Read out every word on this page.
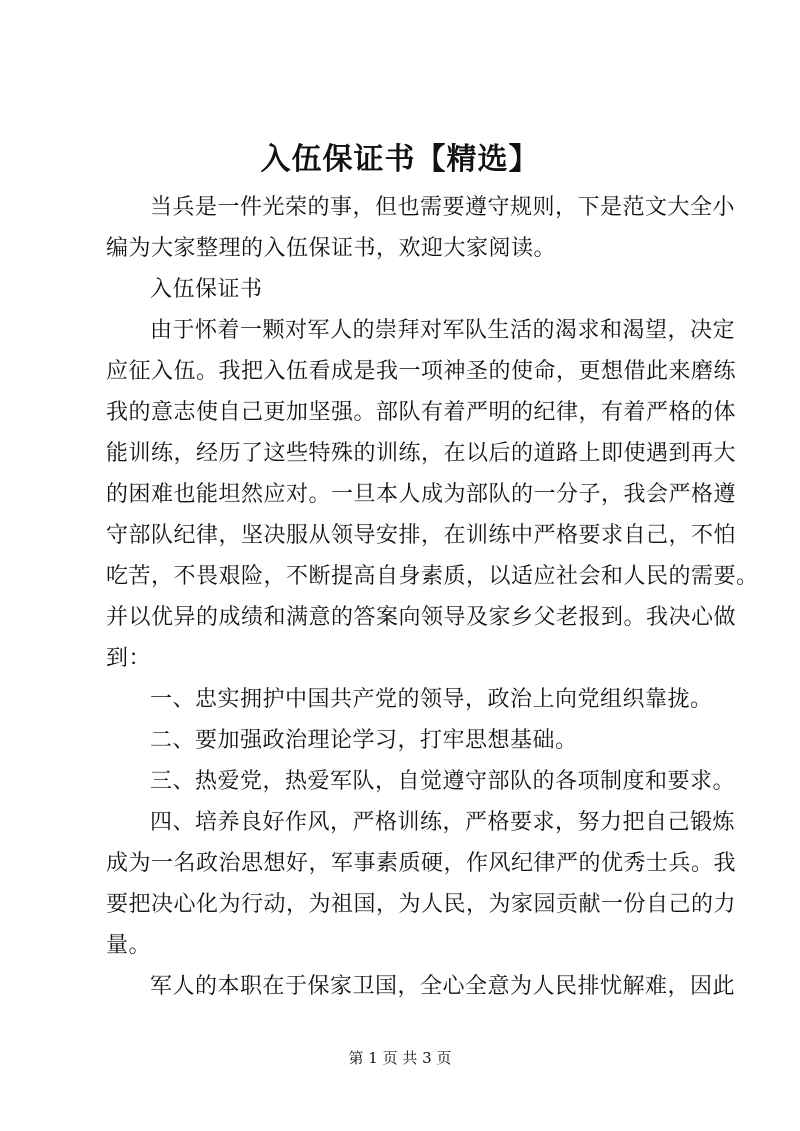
入伍保证书【精选】
当兵是一件光荣的事，但也需要遵守规则，下是范文大全小
编为大家整理的入伍保证书，欢迎大家阅读。
入伍保证书
由于怀着一颗对军人的崇拜对军队生活的渴求和渴望，决定
应征入伍。我把入伍看成是我一项神圣的使命，更想借此来磨练
我的意志使自己更加坚强。部队有着严明的纪律，有着严格的体
能训练，经历了这些特殊的训练，在以后的道路上即使遇到再大
的困难也能坦然应对。一旦本人成为部队的一分子，我会严格遵
守部队纪律，坚决服从领导安排，在训练中严格要求自己，不怕
吃苦，不畏艰险，不断提高自身素质，以适应社会和人民的需要。
并以优异的成绩和满意的答案向领导及家乡父老报到。我决心做
到：
一、忠实拥护中国共产党的领导，政治上向党组织靠拢。
二、要加强政治理论学习，打牢思想基础。
三、热爱党，热爱军队，自觉遵守部队的各项制度和要求。
四、培养良好作风，严格训练，严格要求，努力把自己锻炼
成为一名政治思想好，军事素质硬，作风纪律严的优秀士兵。我
要把决心化为行动，为祖国，为人民，为家园贡献一份自己的力
量。
军人的本职在于保家卫国，全心全意为人民排忧解难，因此
第 1 页 共 3 页
